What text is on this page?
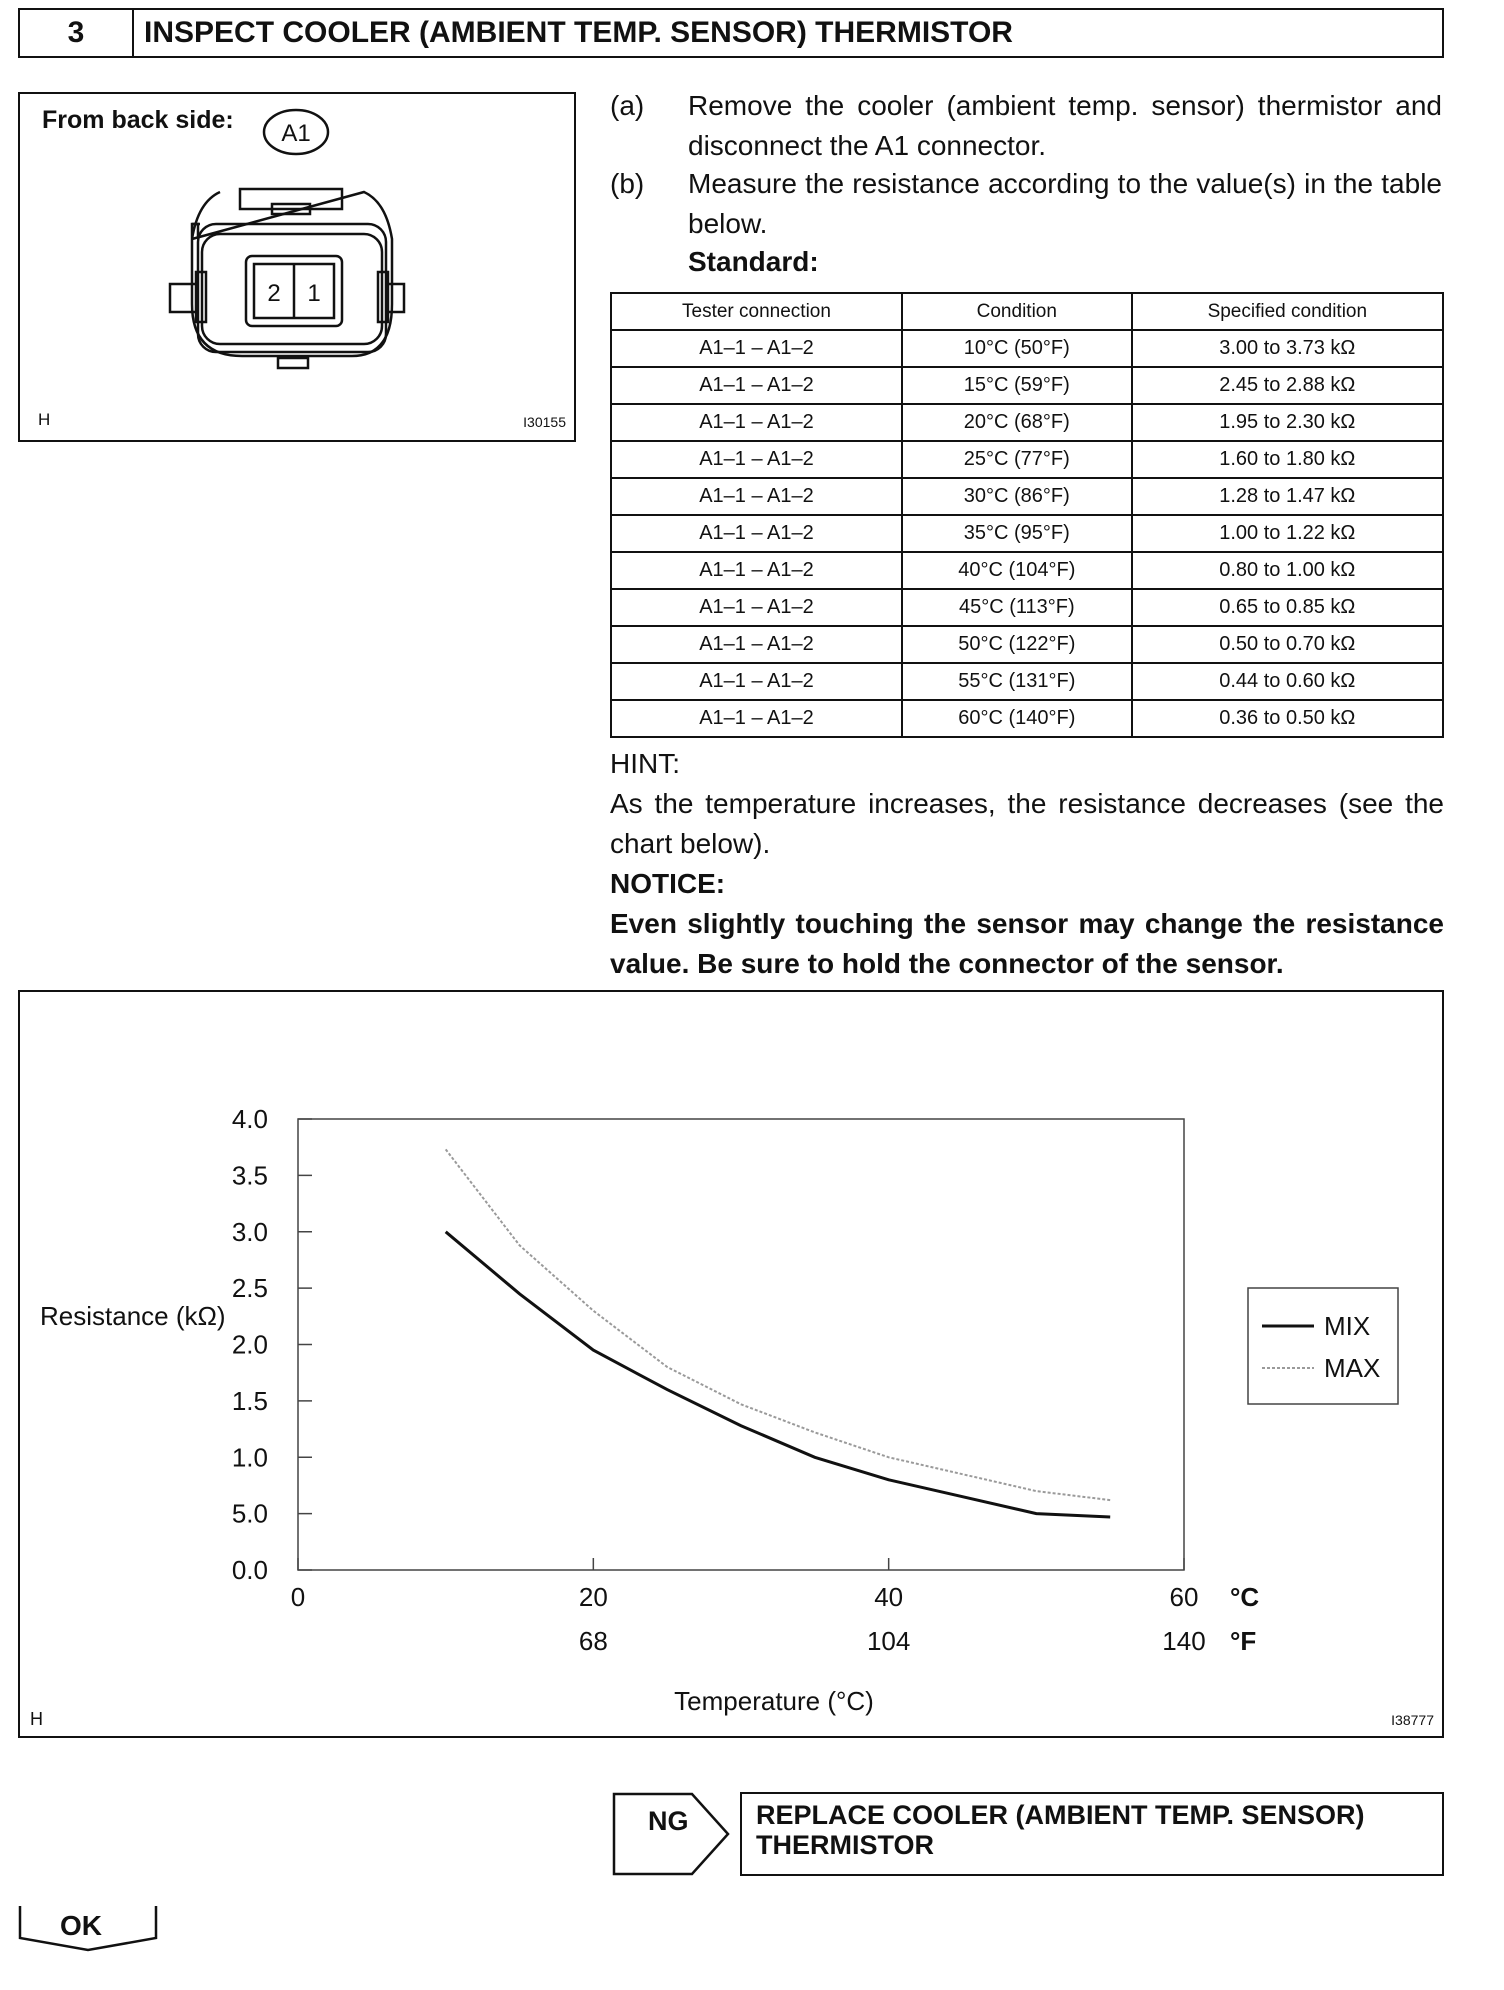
3	INSPECT COOLER (AMBIENT TEMP. SENSOR) THERMISTOR
From back side: A1
2 1
H	I30155
(a) Remove the cooler (ambient temp. sensor) thermistor and disconnect the A1 connector.
(b) Measure the resistance according to the value(s) in the table below.
Standard:
Tester connection	Condition	Specified condition
A1–1 – A1–2	10°C (50°F)	3.00 to 3.73 kΩ
A1–1 – A1–2	15°C (59°F)	2.45 to 2.88 kΩ
A1–1 – A1–2	20°C (68°F)	1.95 to 2.30 kΩ
A1–1 – A1–2	25°C (77°F)	1.60 to 1.80 kΩ
A1–1 – A1–2	30°C (86°F)	1.28 to 1.47 kΩ
A1–1 – A1–2	35°C (95°F)	1.00 to 1.22 kΩ
A1–1 – A1–2	40°C (104°F)	0.80 to 1.00 kΩ
A1–1 – A1–2	45°C (113°F)	0.65 to 0.85 kΩ
A1–1 – A1–2	50°C (122°F)	0.50 to 0.70 kΩ
A1–1 – A1–2	55°C (131°F)	0.44 to 0.60 kΩ
A1–1 – A1–2	60°C (140°F)	0.36 to 0.50 kΩ
HINT:
As the temperature increases, the resistance decreases (see the chart below).
NOTICE:
Even slightly touching the sensor may change the resistance value. Be sure to hold the connector of the sensor.
0.0
5.0
1.0
1.5
2.0
2.5
3.0
3.5
4.0
0	20	40	60
68	104	140
°C
°F
Temperature (°C)
Resistance (kΩ)	MIX
MAX
H	I38777
NG	REPLACE COOLER (AMBIENT TEMP. SENSOR) THERMISTOR
OK
